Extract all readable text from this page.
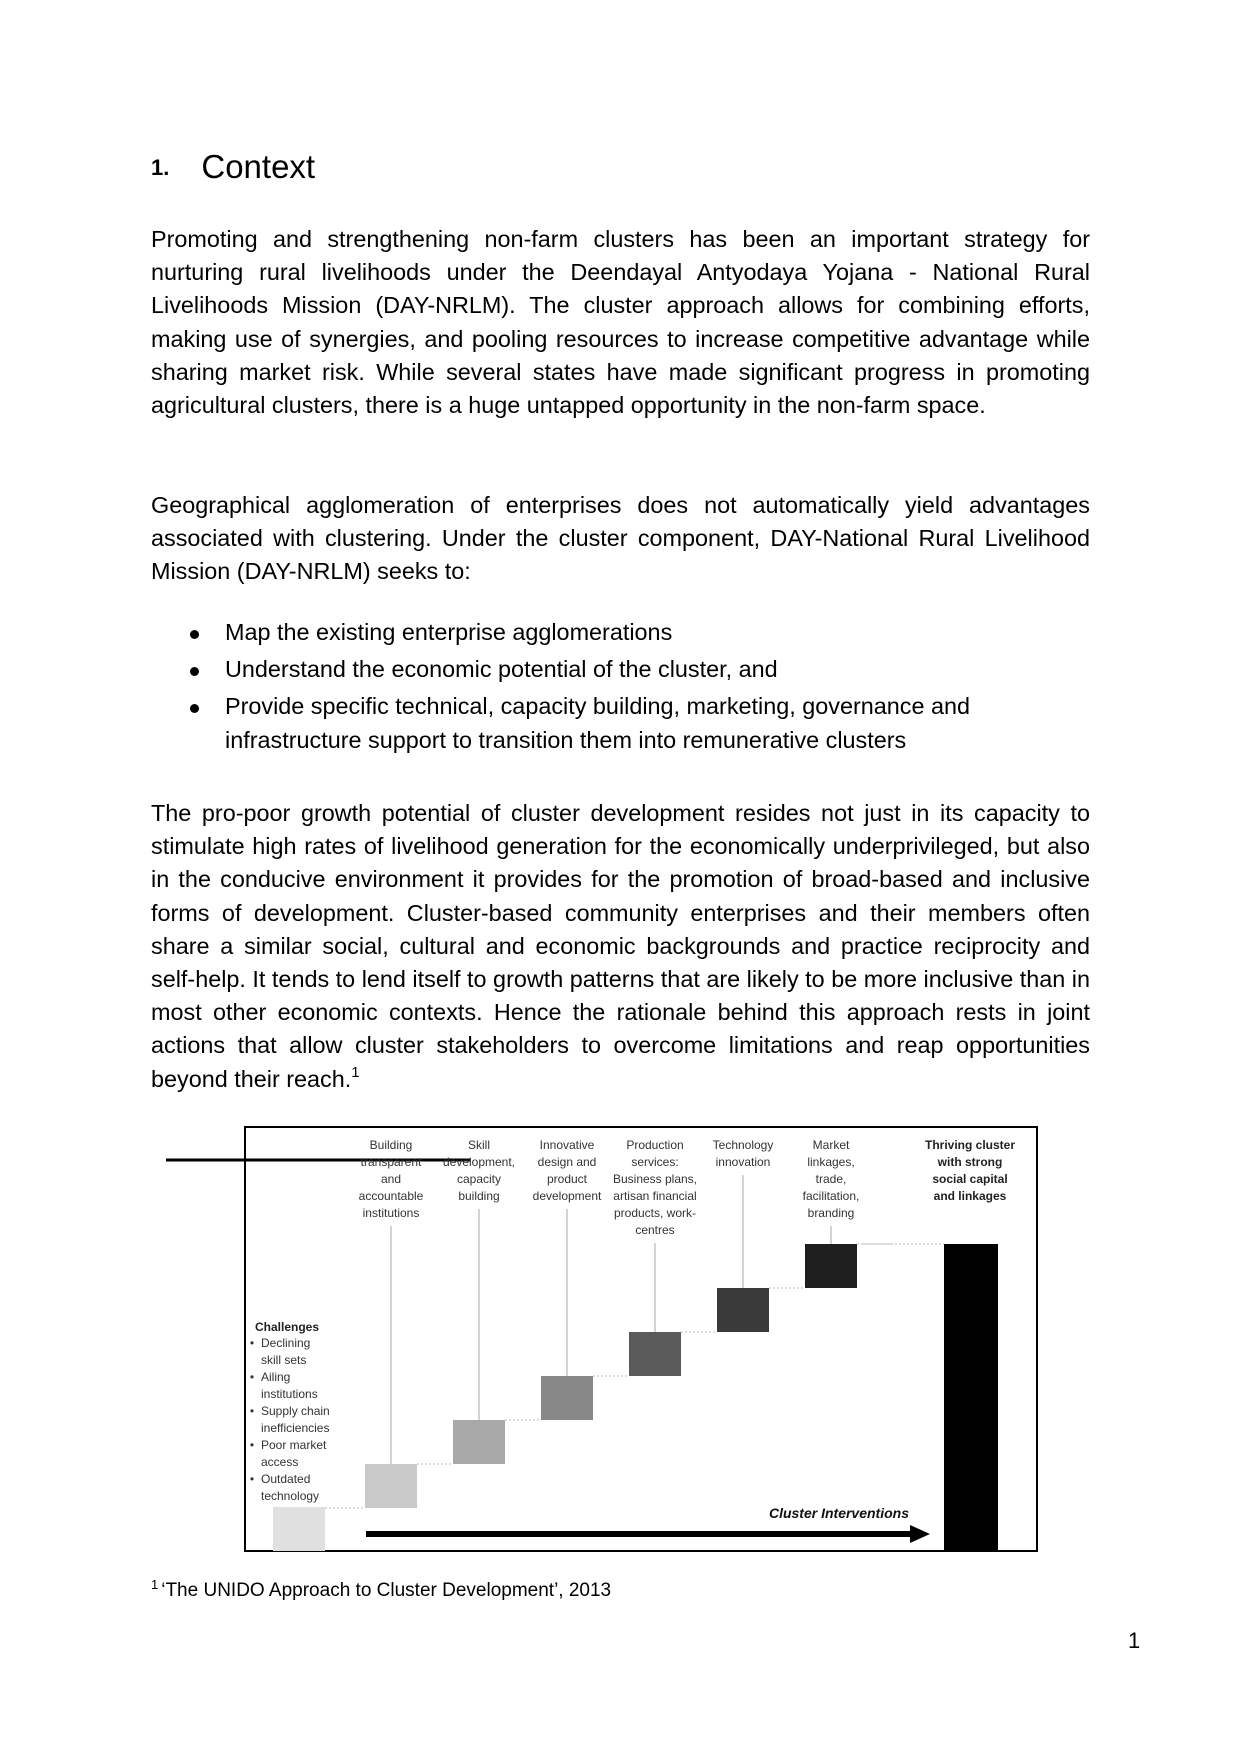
1. Context

Promoting and strengthening non-farm clusters has been an important strategy for nurturing rural livelihoods under the Deendayal Antyodaya Yojana - National Rural Livelihoods Mission (DAY-NRLM). The cluster approach allows for combining efforts, making use of synergies, and pooling resources to increase competitive advantage while sharing market risk. While several states have made significant progress in promoting agricultural clusters, there is a huge untapped opportunity in the non-farm space.

Geographical agglomeration of enterprises does not automatically yield advantages associated with clustering. Under the cluster component, DAY-National Rural Livelihood Mission (DAY-NRLM) seeks to:

Map the existing enterprise agglomerations
Understand the economic potential of the cluster, and
Provide specific technical, capacity building, marketing, governance and infrastructure support to transition them into remunerative clusters

The pro-poor growth potential of cluster development resides not just in its capacity to stimulate high rates of livelihood generation for the economically underprivileged, but also in the conducive environment it provides for the promotion of broad-based and inclusive forms of development. Cluster-based community enterprises and their members often share a similar social, cultural and economic backgrounds and practice reciprocity and self-help. It tends to lend itself to growth patterns that are likely to be more inclusive than in most other economic contexts. Hence the rationale behind this approach rests in joint actions that allow cluster stakeholders to overcome limitations and reap opportunities beyond their reach.$^1$

Building
transparent
and
accountable
institutions
Skill
development,
capacity
building
Innovative
design and
product
development
Production
services:
Business plans,
artisan financial
products, work-
centres
Technology
innovation
Market
linkages,
trade,
facilitation,
branding
Thriving cluster
with strong
social capital
and linkages
Challenges
• Declining
skill sets
• Ailing
institutions
• Supply chain
inefficiencies
• Poor market
access
• Outdated
technology
Cluster Interventions
$^1$ ‘The UNIDO Approach to Cluster Development’, 2013
1
